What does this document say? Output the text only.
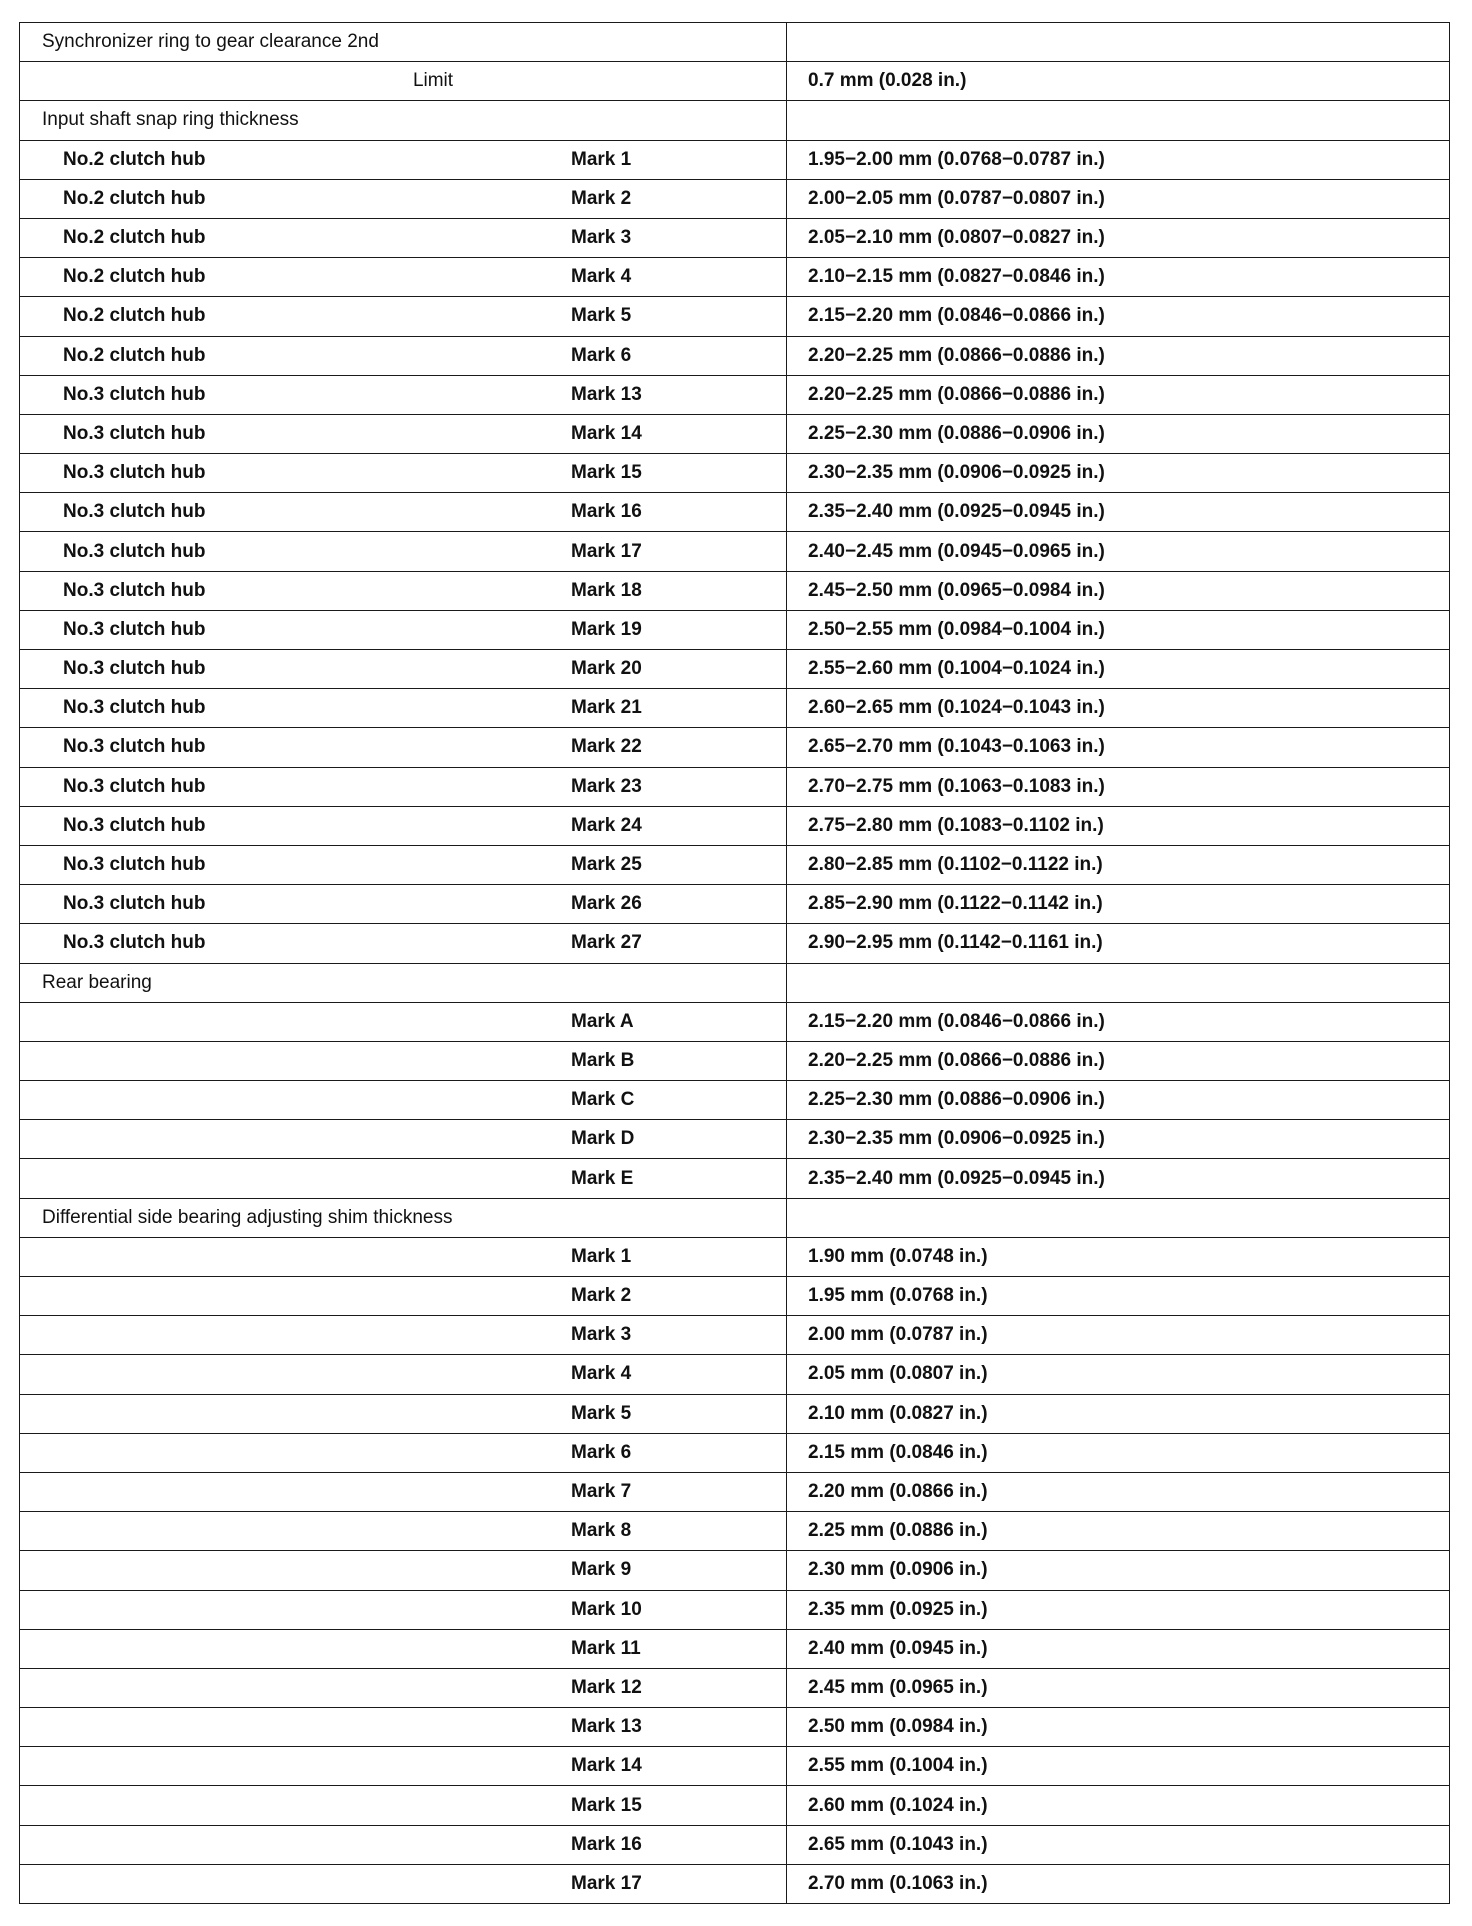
Synchronizer ring to gear clearance 2nd	
Limit	0.7 mm (0.028 in.)
Input shaft snap ring thickness	

No.2 clutch hub Mark 1	1.95−2.00 mm (0.0768−0.0787 in.)

No.2 clutch hub Mark 2	2.00−2.05 mm (0.0787−0.0807 in.)

No.2 clutch hub Mark 3	2.05−2.10 mm (0.0807−0.0827 in.)

No.2 clutch hub Mark 4	2.10−2.15 mm (0.0827−0.0846 in.)

No.2 clutch hub Mark 5	2.15−2.20 mm (0.0846−0.0866 in.)

No.2 clutch hub Mark 6	2.20−2.25 mm (0.0866−0.0886 in.)

No.3 clutch hub Mark 13	2.20−2.25 mm (0.0866−0.0886 in.)

No.3 clutch hub Mark 14	2.25−2.30 mm (0.0886−0.0906 in.)

No.3 clutch hub Mark 15	2.30−2.35 mm (0.0906−0.0925 in.)

No.3 clutch hub Mark 16	2.35−2.40 mm (0.0925−0.0945 in.)

No.3 clutch hub Mark 17	2.40−2.45 mm (0.0945−0.0965 in.)

No.3 clutch hub Mark 18	2.45−2.50 mm (0.0965−0.0984 in.)

No.3 clutch hub Mark 19	2.50−2.55 mm (0.0984−0.1004 in.)

No.3 clutch hub Mark 20	2.55−2.60 mm (0.1004−0.1024 in.)

No.3 clutch hub Mark 21	2.60−2.65 mm (0.1024−0.1043 in.)

No.3 clutch hub Mark 22	2.65−2.70 mm (0.1043−0.1063 in.)

No.3 clutch hub Mark 23	2.70−2.75 mm (0.1063−0.1083 in.)

No.3 clutch hub Mark 24	2.75−2.80 mm (0.1083−0.1102 in.)

No.3 clutch hub Mark 25	2.80−2.85 mm (0.1102−0.1122 in.)

No.3 clutch hub Mark 26	2.85−2.90 mm (0.1122−0.1142 in.)

No.3 clutch hub Mark 27	2.90−2.95 mm (0.1142−0.1161 in.)
Rear bearing	

Mark A	2.15−2.20 mm (0.0846−0.0866 in.)

Mark B	2.20−2.25 mm (0.0866−0.0886 in.)

Mark C	2.25−2.30 mm (0.0886−0.0906 in.)

Mark D	2.30−2.35 mm (0.0906−0.0925 in.)

Mark E	2.35−2.40 mm (0.0925−0.0945 in.)
Differential side bearing adjusting shim thickness	

Mark 1	1.90 mm (0.0748 in.)

Mark 2	1.95 mm (0.0768 in.)

Mark 3	2.00 mm (0.0787 in.)

Mark 4	2.05 mm (0.0807 in.)

Mark 5	2.10 mm (0.0827 in.)

Mark 6	2.15 mm (0.0846 in.)

Mark 7	2.20 mm (0.0866 in.)

Mark 8	2.25 mm (0.0886 in.)

Mark 9	2.30 mm (0.0906 in.)

Mark 10	2.35 mm (0.0925 in.)

Mark 11	2.40 mm (0.0945 in.)

Mark 12	2.45 mm (0.0965 in.)

Mark 13	2.50 mm (0.0984 in.)

Mark 14	2.55 mm (0.1004 in.)

Mark 15	2.60 mm (0.1024 in.)

Mark 16	2.65 mm (0.1043 in.)

Mark 17	2.70 mm (0.1063 in.)
